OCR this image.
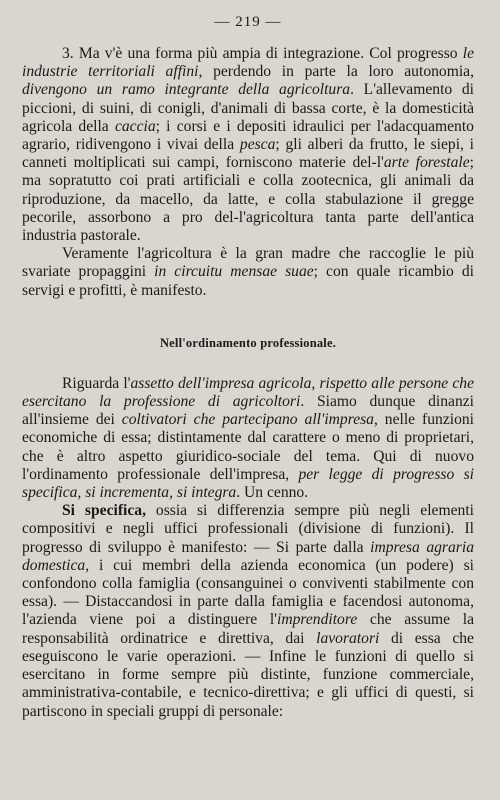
— 219 —

3. Ma v'è una forma più ampia di integrazione. Col progresso le industrie territoriali affini, perdendo in parte la loro autonomia, divengono un ramo integrante della agricoltura. L'allevamento di piccioni, di suini, di conigli, d'animali di bassa corte, è la domesticità agricola della caccia; i corsi e i depositi idraulici per l'adacquamento agrario, ridivengono i vivai della pesca; gli alberi da frutto, le siepi, i canneti moltiplicati sui campi, forniscono materie del-l'arte forestale; ma sopratutto coi prati artificiali e colla zootecnica, gli animali da riproduzione, da macello, da latte, e colla stabulazione il gregge pecorile, assorbono a pro del-l'agricoltura tanta parte dell'antica industria pastorale.

Veramente l'agricoltura è la gran madre che raccoglie le più svariate propaggini in circuitu mensae suae; con quale ricambio di servigi e profitti, è manifesto.

Nell'ordinamento professionale.

Riguarda l'assetto dell'impresa agricola, rispetto alle persone che esercitano la professione di agricoltori. Siamo dunque dinanzi all'insieme dei coltivatori che partecipano all'impresa, nelle funzioni economiche di essa; distintamente dal carattere o meno di proprietari, che è altro aspetto giuridico-sociale del tema. Qui di nuovo l'ordinamento professionale dell'impresa, per legge di progresso si specifica, si incrementa, si integra. Un cenno.

Si specifica, ossia si differenzia sempre più negli elementi compositivi e negli uffici professionali (divisione di funzioni). Il progresso di sviluppo è manifesto: — Si parte dalla impresa agraria domestica, i cui membri della azienda economica (un podere) si confondono colla famiglia (consanguinei o conviventi stabilmente con essa). — Distaccandosi in parte dalla famiglia e facendosi autonoma, l'azienda viene poi a distinguere l'imprenditore che assume la responsabilità ordinatrice e direttiva, dai lavoratori di essa che eseguiscono le varie operazioni. — Infine le funzioni di quello si esercitano in forme sempre più distinte, funzione commerciale, amministrativa-contabile, e tecnico-direttiva; e gli uffici di questi, si partiscono in speciali gruppi di personale:
